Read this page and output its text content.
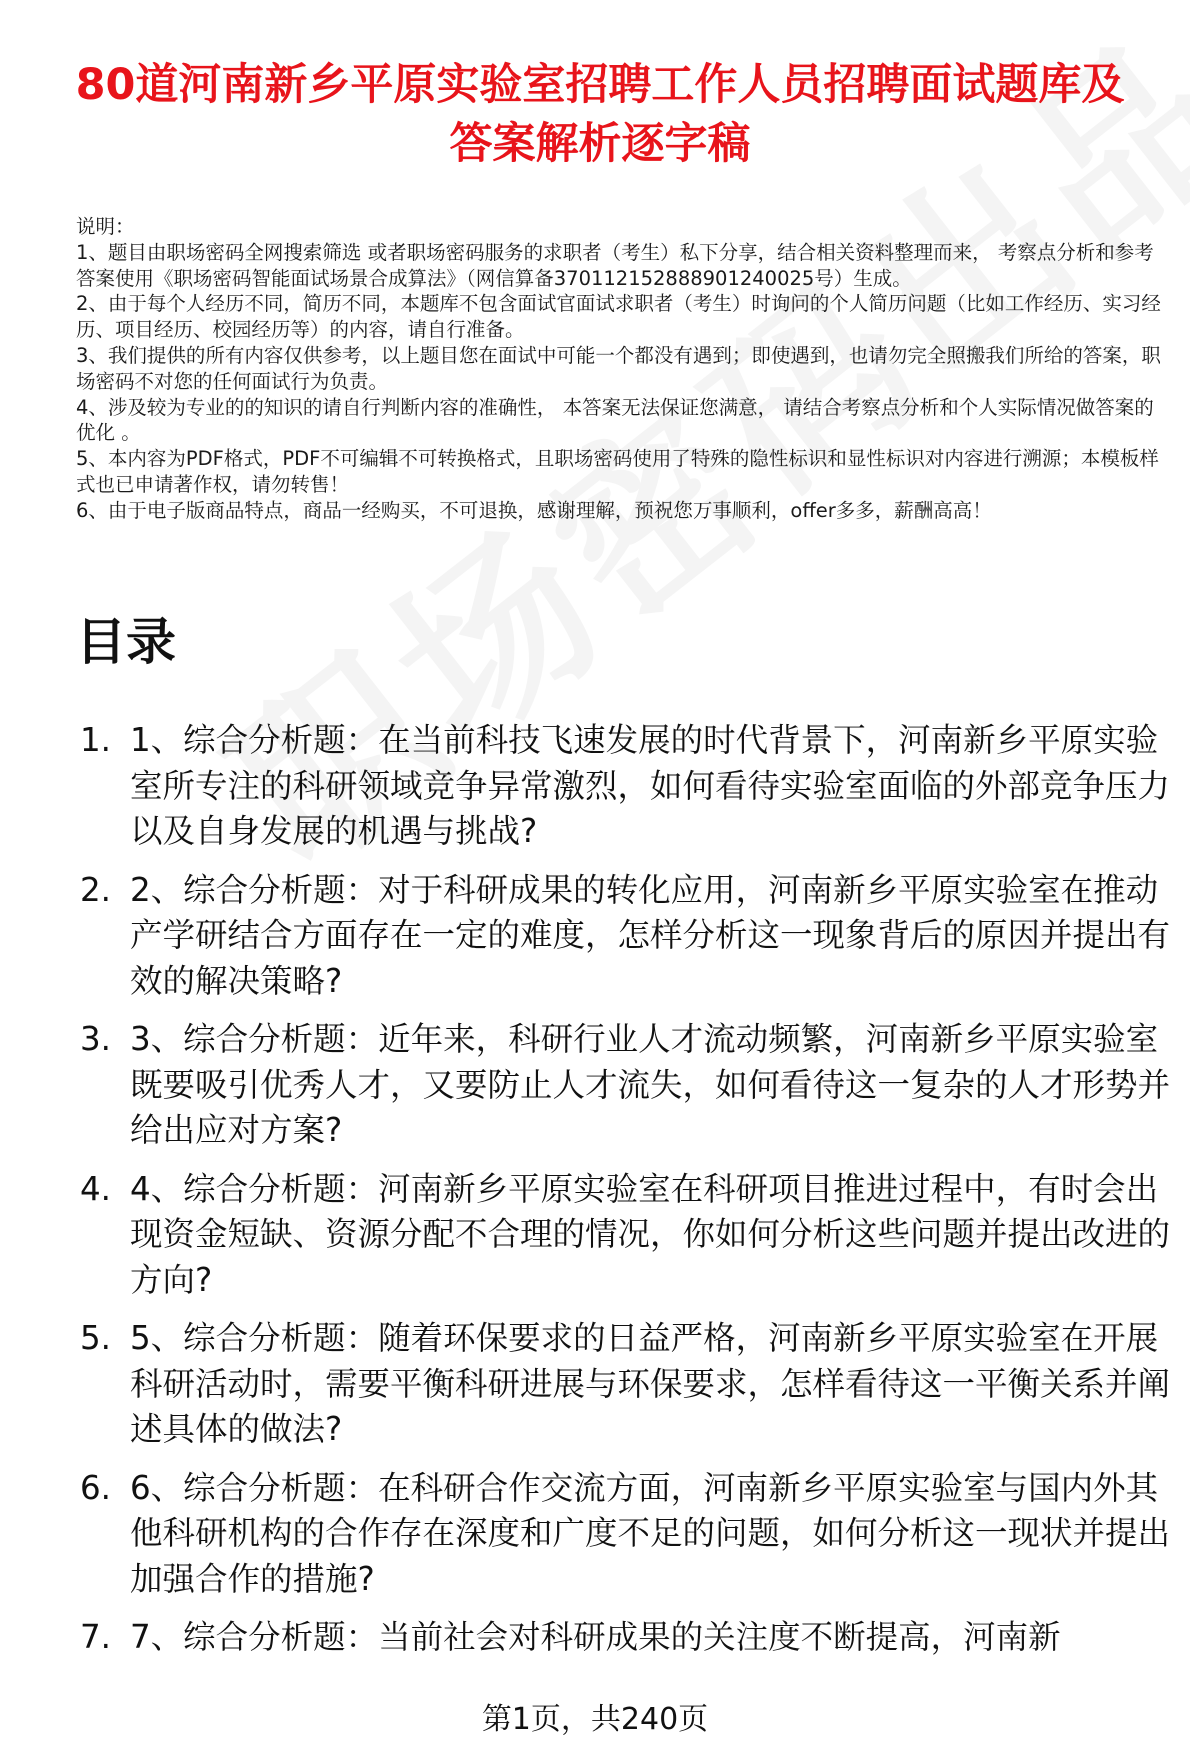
80道河南新乡平原实验室招聘工作人员招聘面试题库及答案解析逐字稿

说明：

1、题目由职场密码全网搜索筛选 或者职场密码服务的求职者（考生）私下分享，结合相关资料整理而来， 考察点分析和参考答案使用《职场密码智能面试场景合成算法》（网信算备370112152888901240025号）生成。

2、由于每个人经历不同，简历不同，本题库不包含面试官面试求职者（考生）时询问的个人简历问题（比如工作经历、实习经历、项目经历、校园经历等）的内容，请自行准备。

3、我们提供的所有内容仅供参考，以上题目您在面试中可能一个都没有遇到；即使遇到，也请勿完全照搬我们所给的答案，职场密码不对您的任何面试行为负责。

4、涉及较为专业的的知识的请自行判断内容的准确性， 本答案无法保证您满意， 请结合考察点分析和个人实际情况做答案的优化 。

5、本内容为PDF格式，PDF不可编辑不可转换格式，且职场密码使用了特殊的隐性标识和显性标识对内容进行溯源；本模板样式也已申请著作权，请勿转售！

6、由于电子版商品特点，商品一经购买，不可退换，感谢理解，预祝您万事顺利，offer多多，薪酬高高！

目录
1. 1、综合分析题：在当前科技飞速发展的时代背景下，河南新乡平原实验室所专注的科研领域竞争异常激烈，如何看待实验室面临的外部竞争压力以及自身发展的机遇与挑战?
2. 2、综合分析题：对于科研成果的转化应用，河南新乡平原实验室在推动产学研结合方面存在一定的难度，怎样分析这一现象背后的原因并提出有效的解决策略?
3. 3、综合分析题：近年来，科研行业人才流动频繁，河南新乡平原实验室既要吸引优秀人才，又要防止人才流失，如何看待这一复杂的人才形势并给出应对方案?
4. 4、综合分析题：河南新乡平原实验室在科研项目推进过程中，有时会出现资金短缺、资源分配不合理的情况，你如何分析这些问题并提出改进的方向?
5. 5、综合分析题：随着环保要求的日益严格，河南新乡平原实验室在开展科研活动时，需要平衡科研进展与环保要求，怎样看待这一平衡关系并阐述具体的做法?
6. 6、综合分析题：在科研合作交流方面，河南新乡平原实验室与国内外其他科研机构的合作存在深度和广度不足的问题，如何分析这一现状并提出加强合作的措施?
7. 7、综合分析题：当前社会对科研成果的关注度不断提高，河南新
第1页，共240页
